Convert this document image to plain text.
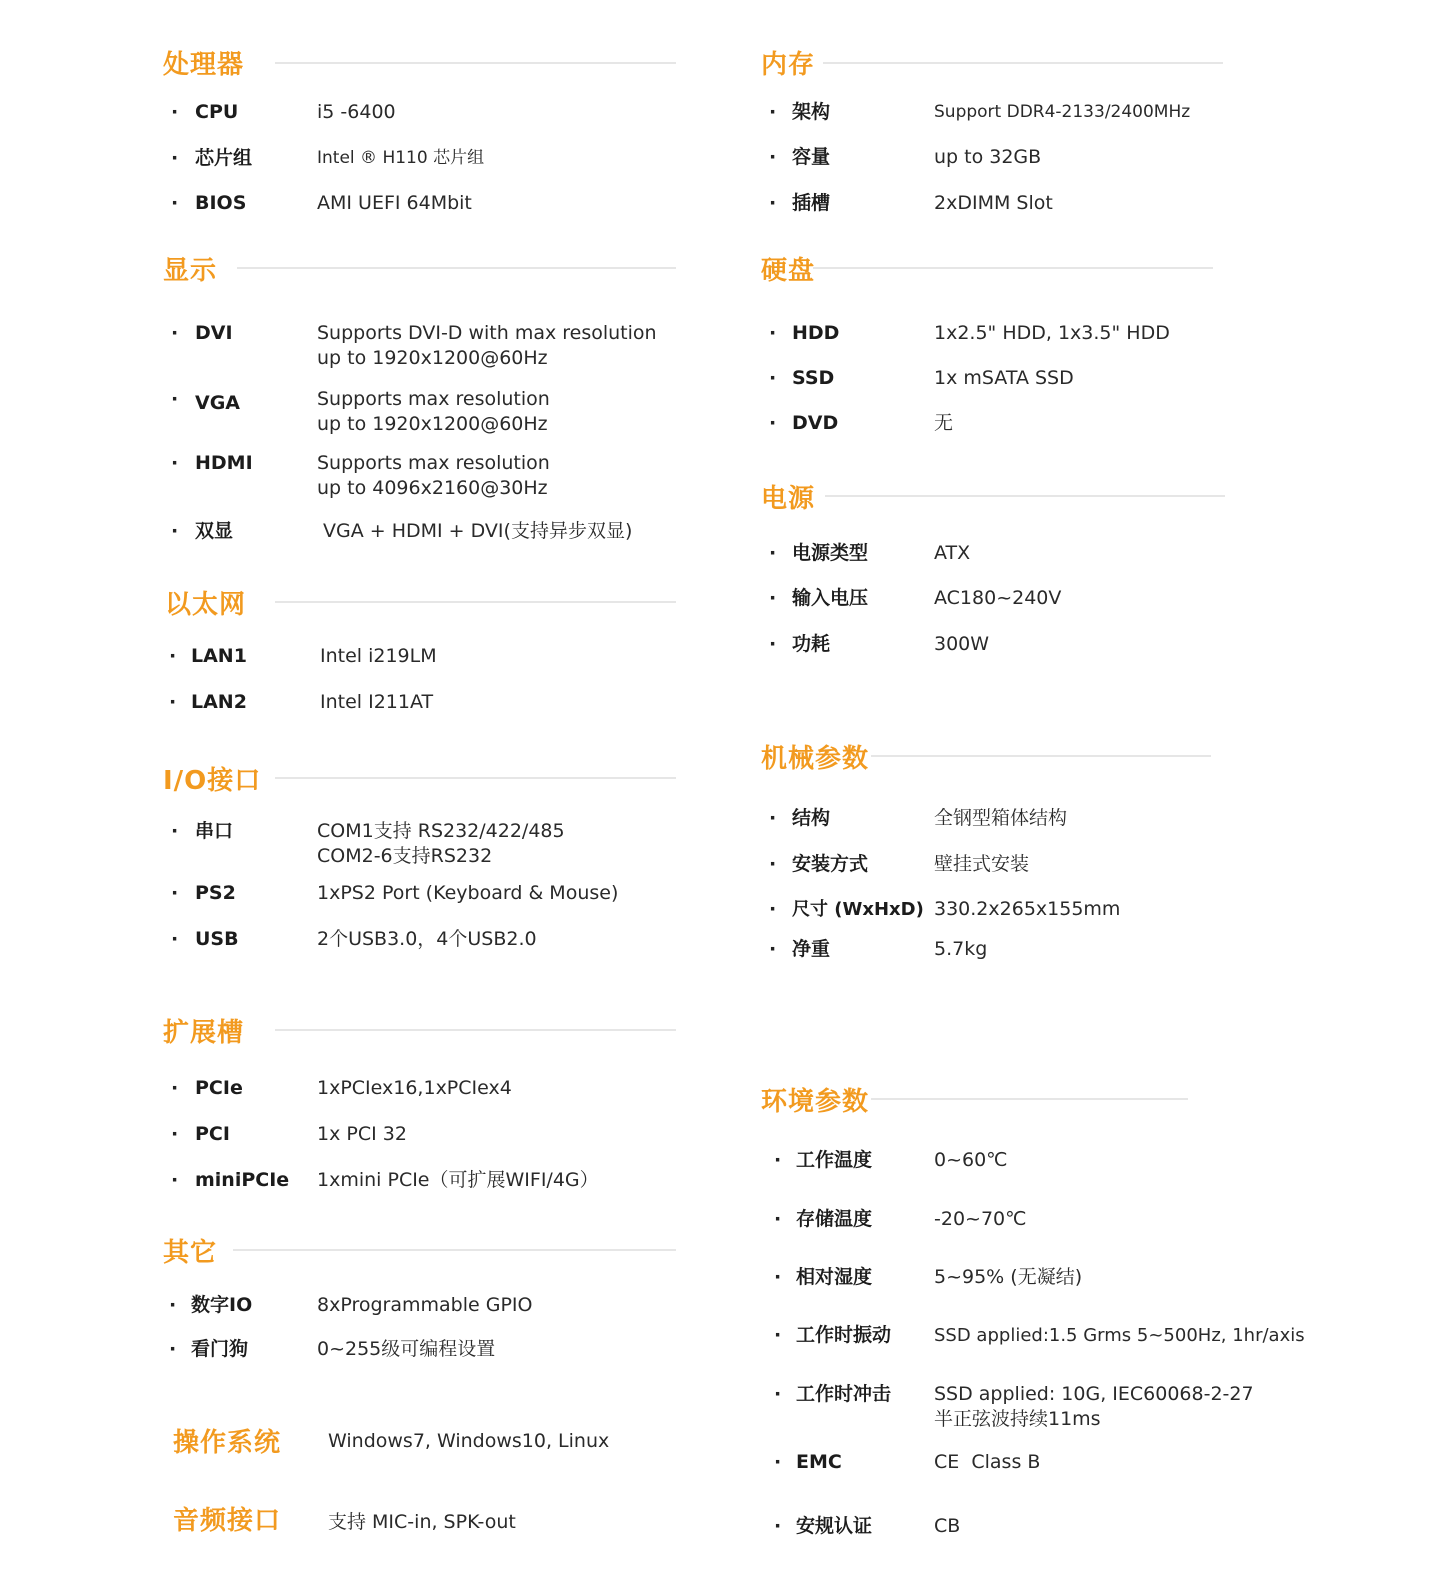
处理器
· CPU	i5 -6400
· 芯片组	Intel ® H110 芯片组
· BIOS	AMI UEFI 64Mbit
显示
· DVI	Supports DVI-D with max resolution
up to 1920x1200@60Hz
· VGA	Supports max resolution
up to 1920x1200@60Hz
· HDMI	Supports max resolution
up to 4096x2160@30Hz
· 双显	VGA + HDMI + DVI(支持异步双显)
以太网
· LAN1	Intel i219LM
· LAN2	Intel I211AT
I/O接口
· 串口	COM1支持 RS232/422/485
COM2-6支持RS232
· PS2	1xPS2 Port (Keyboard & Mouse)
· USB	2个USB3.0，4个USB2.0
扩展槽
· PCIe	1xPCIex16,1xPCIex4
· PCI	1x PCI 32
· miniPCIe 1xmini PCIe（可扩展WIFI/4G）
其它
· 数字IO	8xProgrammable GPIO
· 看门狗	0~255级可编程设置
操作系统 Windows7, Windows10, Linux
音频接口 支持 MIC-in, SPK-out
内存
· 架构	Support DDR4-2133/2400MHz
· 容量	up to 32GB
· 插槽	2xDIMM Slot
硬盘
· HDD	1x2.5" HDD, 1x3.5" HDD
· SSD	1x mSATA SSD
· DVD	无
电源
· 电源类型	ATX
· 输入电压	AC180~240V
· 功耗	300W
机械参数
· 结构	全钢型箱体结构
· 安装方式	壁挂式安装
· 尺寸 (WxHxD) 330.2x265x155mm
· 净重	5.7kg
环境参数
· 工作温度	0~60℃
· 存储温度	-20~70℃
· 相对湿度	5~95% (无凝结)
· 工作时振动 SSD applied:1.5 Grms 5~500Hz, 1hr/axis
· 工作时冲击 SSD applied: 10G, IEC60068-2-27
半正弦波持续11ms
· EMC	CE  Class B
· 安规认证	CB
